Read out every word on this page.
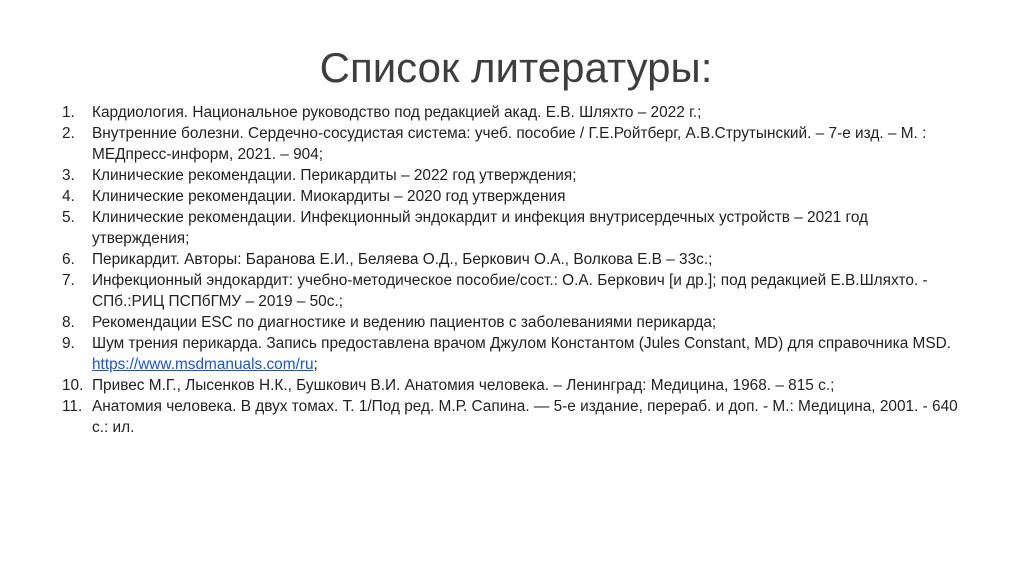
Список литературы:
1. Кардиология. Национальное руководство под редакцией акад. Е.В. Шляхто – 2022 г.;
2. Внутренние болезни. Сердечно-сосудистая система: учеб. пособие / Г.Е.Ройтберг, А.В.Струтынский. – 7-е изд. – М. : МЕДпресс-информ, 2021. – 904;
3. Клинические рекомендации. Перикардиты – 2022 год утверждения;
4. Клинические рекомендации. Миокардиты – 2020 год утверждения
5. Клинические рекомендации. Инфекционный эндокардит и инфекция внутрисердечных устройств – 2021 год утверждения;
6. Перикардит. Авторы: Баранова Е.И., Беляева О.Д., Беркович О.А., Волкова Е.В – 33с.;
7. Инфекционный эндокардит: учебно-методическое пособие/сост.: О.А. Беркович [и др.]; под редакцией Е.В.Шляхто. - СПб.:РИЦ ПСПбГМУ – 2019 – 50с.;
8. Рекомендации ESC по диагностике и ведению пациентов с заболеваниями перикарда;
9. Шум трения перикарда. Запись предоставлена врачом Джулом Константом (Jules Constant, MD) для справочника MSD. https://www.msdmanuals.com/ru;
10. Привес М.Г., Лысенков Н.К., Бушкович В.И. Анатомия человека. – Ленинград: Медицина, 1968. – 815 с.;
11. Анатомия человека. В двух томах. Т. 1/Под ред. М.Р. Сапина. — 5-е издание, перераб. и доп. - М.: Медицина, 2001. - 640 с.: ил.
